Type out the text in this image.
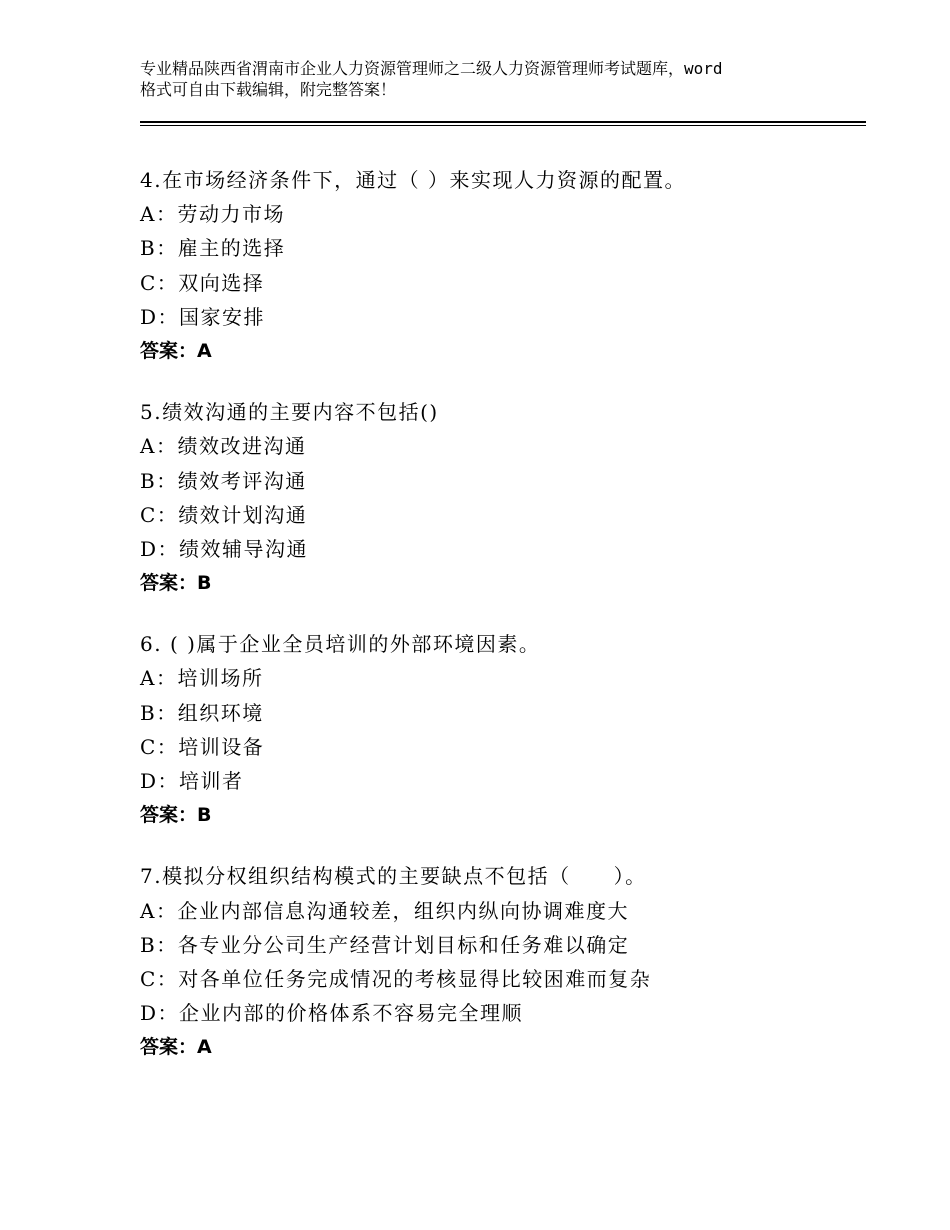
专业精品陕西省渭南市企业人力资源管理师之二级人力资源管理师考试题库，word
格式可自由下载编辑，附完整答案！
4.在市场经济条件下，通过（ ）来实现人力资源的配置。
A：劳动力市场
B：雇主的选择
C：双向选择
D：国家安排
答案：A
5.绩效沟通的主要内容不包括()
A：绩效改进沟通
B：绩效考评沟通
C：绩效计划沟通
D：绩效辅导沟通
答案：B
6. ( )属于企业全员培训的外部环境因素。
A：培训场所
B：组织环境
C：培训设备
D：培训者
答案：B
7.模拟分权组织结构模式的主要缺点不包括（　　）。
A：企业内部信息沟通较差，组织内纵向协调难度大
B：各专业分公司生产经营计划目标和任务难以确定
C：对各单位任务完成情况的考核显得比较困难而复杂
D：企业内部的价格体系不容易完全理顺
答案：A
